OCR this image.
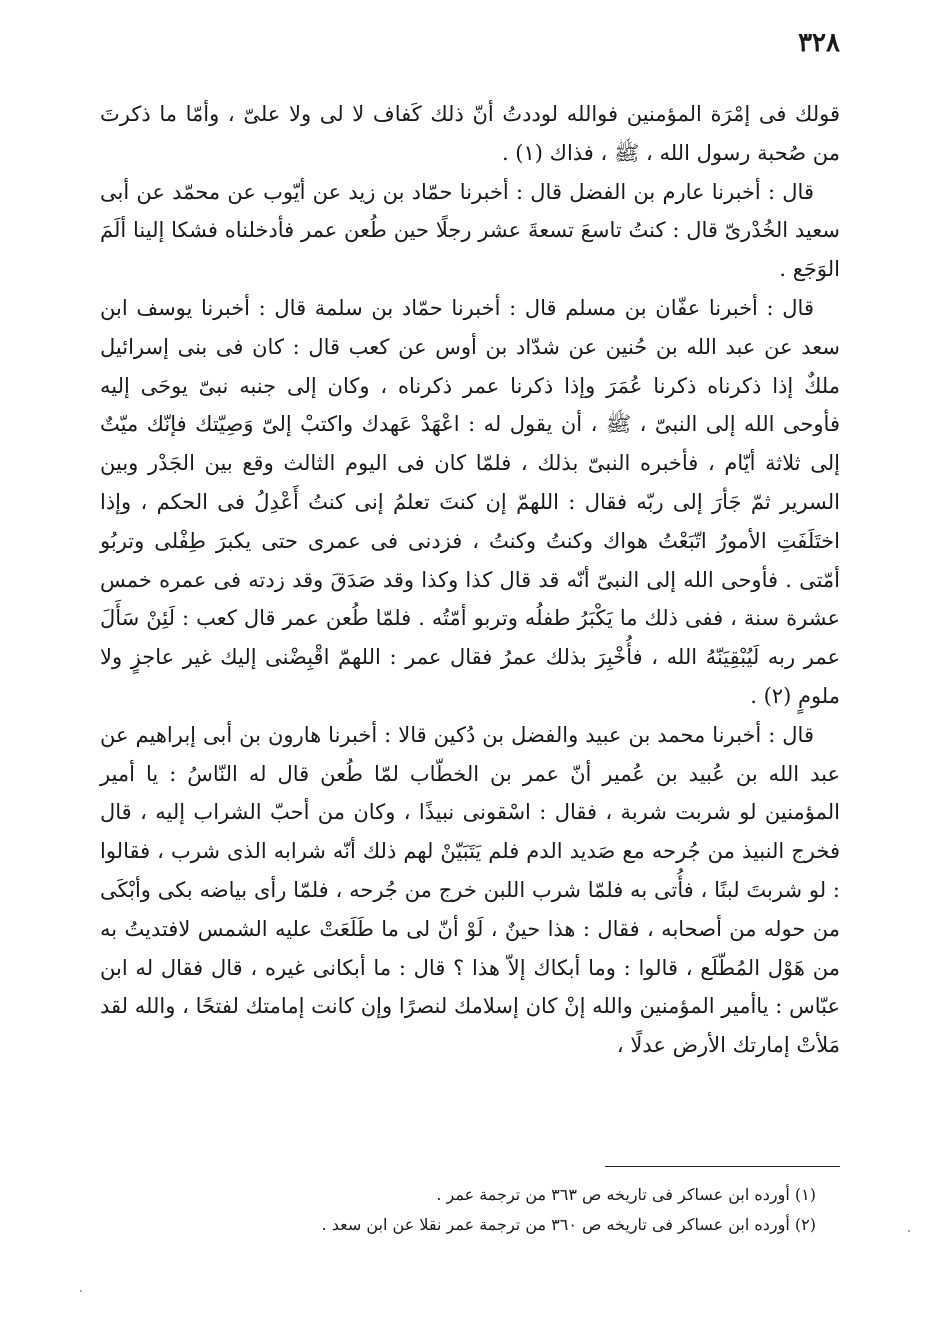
٣٢٨

قولك فى إمْرَة المؤمنين فوالله لوددتُ أنّ ذلك كَفاف لا لى ولا علىّ ، وأمّا ما ذكرتَ من صُحبة رسول الله ، ﷺ ، فذاك (١) .

قال : أخبرنا عارم بن الفضل قال : أخبرنا حمّاد بن زيد عن أيّوب عن محمّد عن أبى سعيد الخُدْرىّ قال : كنتُ تاسعَ تسعةَ عشر رجلًا حين طُعن عمر فأدخلناه فشكا إلينا ألَمَ الوَجَع .

قال : أخبرنا عفّان بن مسلم قال : أخبرنا حمّاد بن سلمة قال : أخبرنا يوسف ابن سعد عن عبد الله بن حُنين عن شدّاد بن أوس عن كعب قال : كان فى بنى إسرائيل ملكٌ إذا ذكرناه ذكرنا عُمَرَ وإذا ذكرنا عمر ذكرناه ، وكان إلى جنبه نبىّ يوحَى إليه فأوحى الله إلى النبىّ ، ﷺ ، أن يقول له : اعْهَدْ عَهدك واكتبْ إلىّ وَصِيّتك فإنّك ميّتٌ إلى ثلاثة أيّام ، فأخبره النبىّ بذلك ، فلمّا كان فى اليوم الثالث وقع بين الجَدْر وبين السرير ثمّ جَأرَ إلى ربّه فقال : اللهمّ إن كنتَ تعلمُ إنى كنتُ أَعْدِلُ فى الحكم ، وإذا اختَلَفَتِ الأمورُ اتّبَعْتُ هواك وكنتُ وكنتُ ، فزدنى فى عمرى حتى يكبرَ طِفْلى وتربُو أمّتى . فأوحى الله إلى النبىّ أنّه قد قال كذا وكذا وقد صَدَقَ وقد زدته فى عمره خمس عشرة سنة ، ففى ذلك ما يَكْبَرُ طفلُه وتربو أمّتُه . فلمّا طُعن عمر قال كعب : لَئِنْ سَأَلَ عمر ربه لَيُبْقِيَنّهُ الله ، فأُخْبِرَ بذلك عمرُ فقال عمر : اللهمّ اقْبِضْنى إليك غير عاجزٍ ولا ملومٍ (٢) .

قال : أخبرنا محمد بن عبيد والفضل بن دُكين قالا : أخبرنا هارون بن أبى إبراهيم عن عبد الله بن عُبيد بن عُمير أنّ عمر بن الخطّاب لمّا طُعن قال له النّاسُ : يا أمير المؤمنين لو شربت شربة ، فقال : اسْقونى نبيذًا ، وكان من أحبّ الشراب إليه ، قال فخرج النبيذ من جُرحه مع صَديد الدم فلم يَتَبَيّنْ لهم ذلك أنّه شرابه الذى شرب ، فقالوا : لو شربتَ لبنًا ، فأُتى به فلمّا شرب اللبن خرج من جُرحه ، فلمّا رأى بياضه بكى وأبْكَى من حوله من أصحابه ، فقال : هذا حينٌ ، لَوْ أنّ لى ما طَلَعَتْ عليه الشمس لافتديتُ به من هَوْل المُطّلَع ، قالوا : وما أبكاك إلاّ هذا ؟ قال : ما أبكانى غيره ، قال فقال له ابن عبّاس : ياأمير المؤمنين والله إنْ كان إسلامك لنصرًا وإن كانت إمامتك لفتحًا ، والله لقد مَلأتْ إمارتك الأرض عدلًا ،

(١) أورده ابن عساكر فى تاريخه ص ٣٦٣ من ترجمة عمر .

(٢) أورده ابن عساكر فى تاريخه ص ٣٦٠ من ترجمة عمر نقلا عن ابن سعد .
